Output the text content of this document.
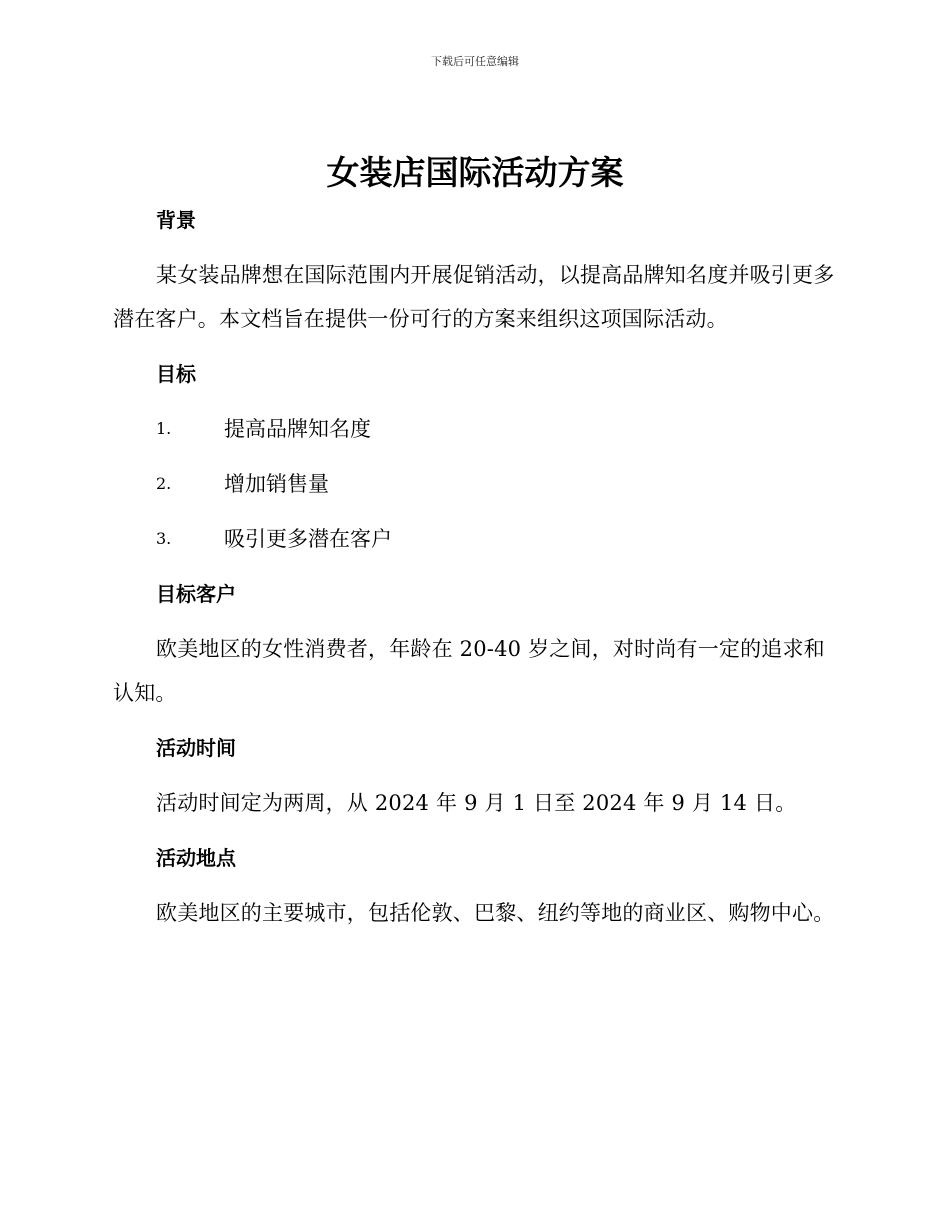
下载后可任意编辑
女装店国际活动方案
背景

某女装品牌想在国际范围内开展促销活动，以提高品牌知名度并吸引更多潜在客户。本文档旨在提供一份可行的方案来组织这项国际活动。

目标
1.	提高品牌知名度
2.	增加销售量
3.	吸引更多潜在客户
目标客户

欧美地区的女性消费者，年龄在 20-40 岁之间，对时尚有一定的追求和认知。

活动时间

活动时间定为两周，从 2024 年 9 月 1 日至 2024 年 9 月 14 日。

活动地点

欧美地区的主要城市，包括伦敦、巴黎、纽约等地的商业区、购物中心。
